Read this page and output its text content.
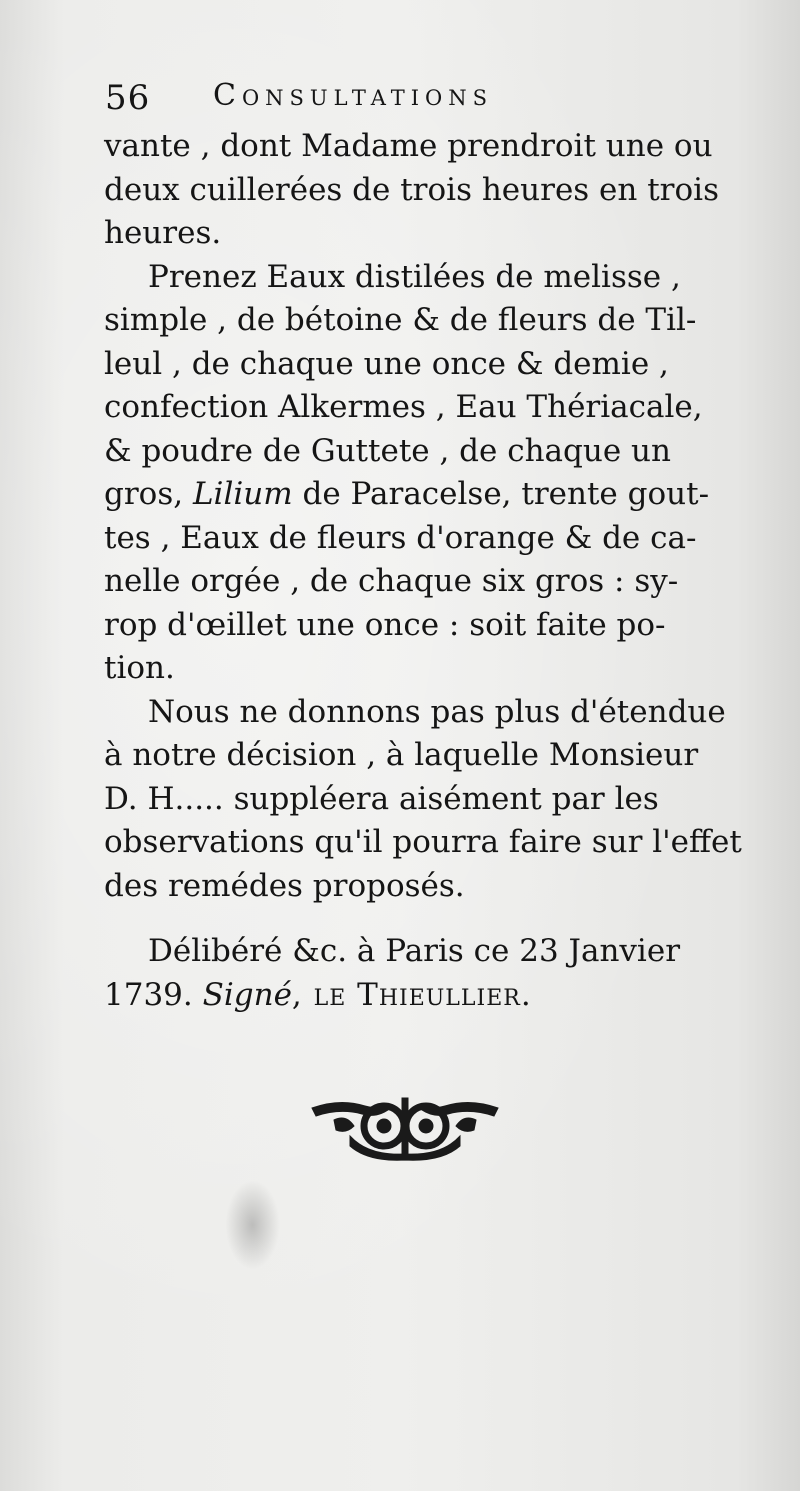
56 Consultations
vante , dont Madame prendroit une ou
deux cuillerées de trois heures en trois
heures.
Prenez Eaux distilées de melisse ,
simple , de bétoine & de fleurs de Til-
leul , de chaque une once & demie ,
confection Alkermes , Eau Thériacale,
& poudre de Guttete , de chaque un
gros, Lilium de Paracelse, trente gout-
tes , Eaux de fleurs d'orange & de ca-
nelle orgée , de chaque six gros : sy-
rop d'œillet une once : soit faite po-
tion.
Nous ne donnons pas plus d'étendue
à notre décision , à laquelle Monsieur
D. H..... suppléera aisément par les
observations qu'il pourra faire sur l'effet
des remédes proposés.
Délibéré &c. à Paris ce 23 Janvier
1739. Signé, le Thieullier.
